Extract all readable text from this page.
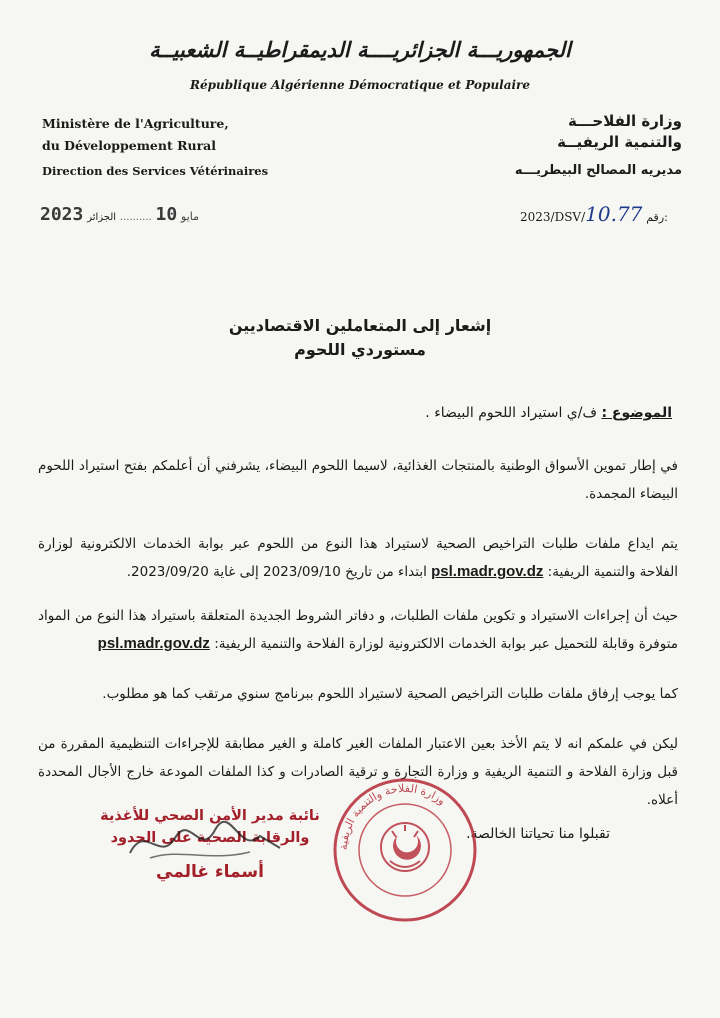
الجمهوريـــة الجزائريــــة الديمقراطيــة الشعبيــة
République Algérienne Démocratique et Populaire
Ministère de l'Agriculture,
du Développement Rural
Direction des Services Vétérinaires
وزارة الفلاحـــة
والتنمية الريفيــة
مديريه المصالح البيطريـــه
2023/DSV/10.77 رقم:
2023	مايو 10 .......... الجزائر
إشعار إلى المتعاملين الاقتصاديين
مستوردي اللحوم
الموضوع : ف/ي استيراد اللحوم البيضاء .
في إطار تموين الأسواق الوطنية بالمنتجات الغذائية، لاسيما اللحوم البيضاء، يشرفني أن أعلمكم بفتح استيراد اللحوم البيضاء المجمدة.
يتم ايداع ملفات طلبات التراخيص الصحية لاستيراد هذا النوع من اللحوم عبر بوابة الخدمات الالكترونية لوزارة الفلاحة والتنمية الريفية: psl.madr.gov.dz ابتداء من تاريخ 2023/09/10 إلى غاية 2023/09/20.
حيث أن إجراءات الاستيراد و تكوين ملفات الطلبات، و دفاتر الشروط الجديدة المتعلقة باستيراد هذا النوع من المواد متوفرة وقابلة للتحميل عبر بوابة الخدمات الالكترونية لوزارة الفلاحة والتنمية الريفية: psl.madr.gov.dz
كما يوجب إرفاق ملفات طلبات التراخيص الصحية لاستيراد اللحوم ببرنامج سنوي مرتقب كما هو مطلوب.
ليكن في علمكم انه لا يتم الأخذ بعين الاعتبار الملفات الغير كاملة و الغير مطابقة للإجراءات التنظيمية المقررة من قبل وزارة الفلاحة و التنمية الريفية و وزارة التجارة و ترقية الصادرات و كذا الملفات المودعة خارج الأجال المحددة أعلاه.
تقبلوا منا تحياتنا الخالصة.
وزارة الفلاحة والتنمية الريفية
نائبة مدير الأمن الصحي للأغذية
والرقابة الصحية على الحدود
أسماء غالمي
